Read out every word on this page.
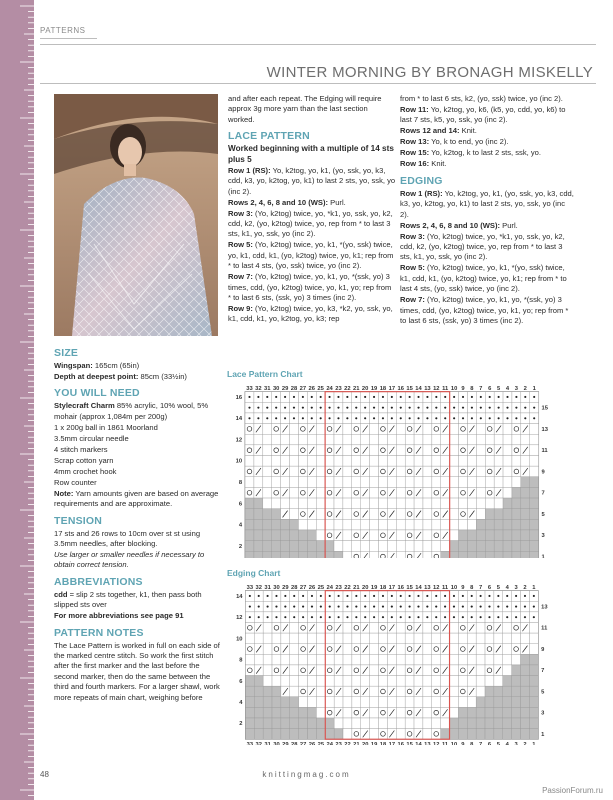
PATTERNS
WINTER MORNING BY BRONAGH MISKELLY
SIZE

Wingspan: 165cm (65in)

Depth at deepest point: 85cm (33½in)

YOU WILL NEED

Stylecraft Charm 85% acrylic, 10% wool, 5% mohair (approx 1,084m per 200g)

1 x 200g ball in 1861 Moorland

3.5mm circular needle

4 stitch markers

Scrap cotton yarn

4mm crochet hook

Row counter

Note: Yarn amounts given are based on average requirements and are approximate.

TENSION

17 sts and 26 rows to 10cm over st st using 3.5mm needles, after blocking.

Use larger or smaller needles if necessary to obtain correct tension.

ABBREVIATIONS

cdd = slip 2 sts together, k1, then pass both slipped sts over

For more abbreviations see page 91

PATTERN NOTES

The Lace Pattern is worked in full on each side of the marked centre stitch. So work the first stitch after the first marker and the last before the second marker, then do the same between the third and fourth markers. For a larger shawl, work more repeats of main chart, weighing before

and after each repeat. The Edging will require approx 3g more yarn than the last section worked.

LACE PATTERN

Worked beginning with a multiple of 14 sts plus 5

Row 1 (RS): Yo, k2tog, yo, k1, (yo, ssk, yo, k3, cdd, k3, yo, k2tog, yo, k1) to last 2 sts, yo, ssk, yo (inc 2).

Rows 2, 4, 6, 8 and 10 (WS): Purl.

Row 3: (Yo, k2tog) twice, yo, *k1, yo, ssk, yo, k2, cdd, k2, (yo, k2tog) twice, yo, rep from * to last 3 sts, k1, yo, ssk, yo (inc 2).

Row 5: (Yo, k2tog) twice, yo, k1, *(yo, ssk) twice, yo, k1, cdd, k1, (yo, k2tog) twice, yo, k1; rep from * to last 4 sts, (yo, ssk) twice, yo (inc 2).

Row 7: (Yo, k2tog) twice, yo, k1, yo, *(ssk, yo) 3 times, cdd, (yo, k2tog) twice, yo, k1, yo; rep from * to last 6 sts, (ssk, yo) 3 times (inc 2).

Row 9: (Yo, k2tog) twice, yo, k3, *k2, yo, ssk, yo, k1, cdd, k1, yo, k2tog, yo, k3; rep

from * to last 6 sts, k2, (yo, ssk) twice, yo (inc 2).

Row 11: Yo, k2tog, yo, k6, (k5, yo, cdd, yo, k6) to last 7 sts, k5, yo, ssk, yo (inc 2).

Rows 12 and 14: Knit.

Row 13: Yo, k to end, yo (inc 2).

Row 15: Yo, k2tog, k to last 2 sts, ssk, yo.

Row 16: Knit.

EDGING

Row 1 (RS): Yo, k2tog, yo, k1, (yo, ssk, yo, k3, cdd, k3, yo, k2tog, yo, k1) to last 2 sts, yo, ssk, yo (inc 2).

Rows 2, 4, 6, 8 and 10 (WS): Purl.

Row 3: (Yo, k2tog) twice, yo, *k1, yo, ssk, yo, k2, cdd, k2, (yo, k2tog) twice, yo, rep from * to last 3 sts, k1, yo, ssk, yo (inc 2).

Row 5: (Yo, k2tog) twice, yo, k1, *(yo, ssk) twice, k1, cdd, k1, (yo, k2tog) twice, yo, k1; rep from * to last 4 sts, (yo, ssk) twice, yo (inc 2).

Row 7: (Yo, k2tog) twice, yo, k1, yo, *(ssk, yo) 3 times, cdd, (yo, k2tog) twice, yo, k1, yo; rep from * to last 6 sts, (ssk, yo) 3 times (inc 2).

Lace Pattern Chart
33 32 31 30 29 28 27 26 25 24 23 22 21 20 19 18 17 16 15 14 13 12 11 10 9 8 7 6 5 4 3 2 1
16
14
12
10
8
6
4
2
15
13
11
9
7
5
3
1
Edging Chart
33
33
32
32
31
31
30
30
29
29
28
28
27
27
26
26
25
25
24
24
23
23
22
22
21
21
20
20
19
19
18
18
17
17
16
16
15
15
14
14
13
13
12
12
11
11
10
10
9
9
8
8
7
7
6
6
5
5
4
4
3
3
2
2
1
1
14
12
10
8
6
4
2
13
11
9
7
5
3
1
48	knittingmag.com
PassionForum.ru
